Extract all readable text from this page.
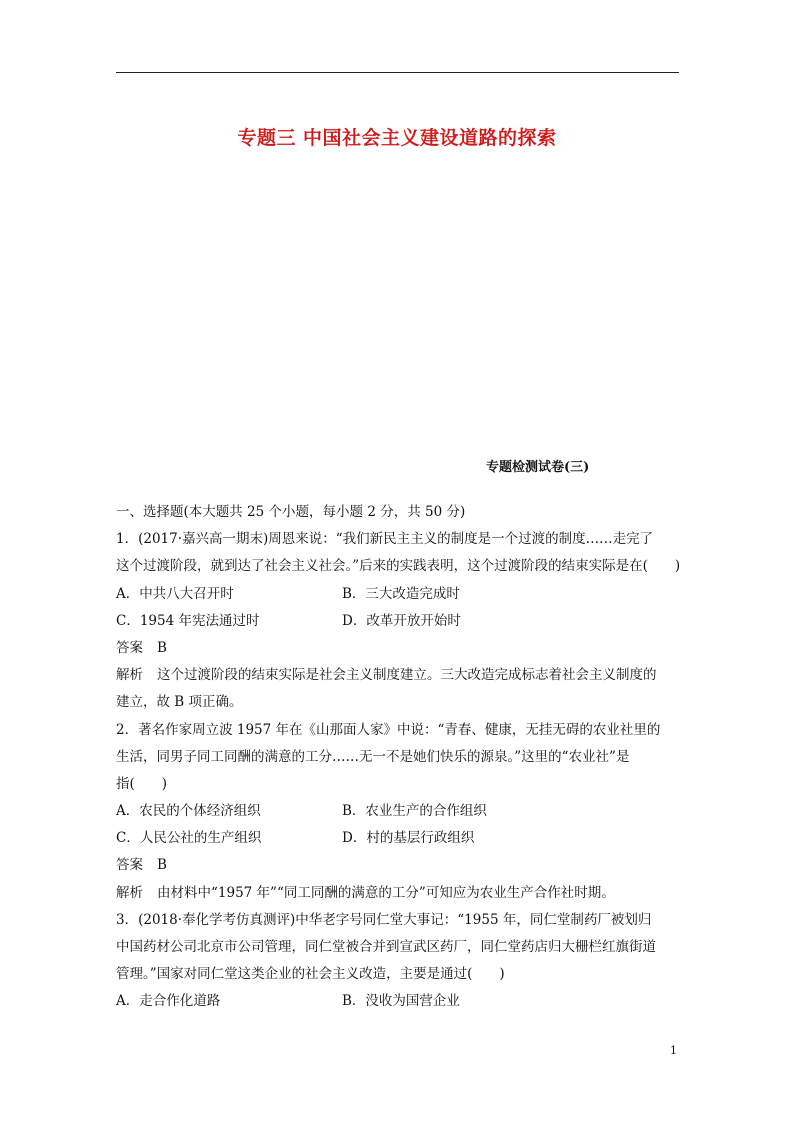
专题三 中国社会主义建设道路的探索
专题检测试卷(三)
一、选择题(本大题共 25 个小题，每小题 2 分，共 50 分)
1．(2017·嘉兴高一期末)周恩来说：“我们新民主主义的制度是一个过渡的制度……走完了
这个过渡阶段，就到达了社会主义社会。”后来的实践表明，这个过渡阶段的结束实际是在(　　)
A．中共八大召开时	B．三大改造完成时
C．1954 年宪法通过时	D．改革开放开始时
答案 B
解析 这个过渡阶段的结束实际是社会主义制度建立。三大改造完成标志着社会主义制度的
建立，故 B 项正确。
2．著名作家周立波 1957 年在《山那面人家》中说：“青春、健康，无挂无碍的农业社里的
生活，同男子同工同酬的满意的工分……无一不是她们快乐的源泉。”这里的“农业社”是
指(　　)
A．农民的个体经济组织	B．农业生产的合作组织
C．人民公社的生产组织	D．村的基层行政组织
答案 B
解析 由材料中“1957 年”“同工同酬的满意的工分”可知应为农业生产合作社时期。
3．(2018·奉化学考仿真测评)中华老字号同仁堂大事记：“1955 年，同仁堂制药厂被划归
中国药材公司北京市公司管理，同仁堂被合并到宣武区药厂，同仁堂药店归大栅栏红旗街道
管理。”国家对同仁堂这类企业的社会主义改造，主要是通过(　　)
A．走合作化道路	B．没收为国营企业
1
